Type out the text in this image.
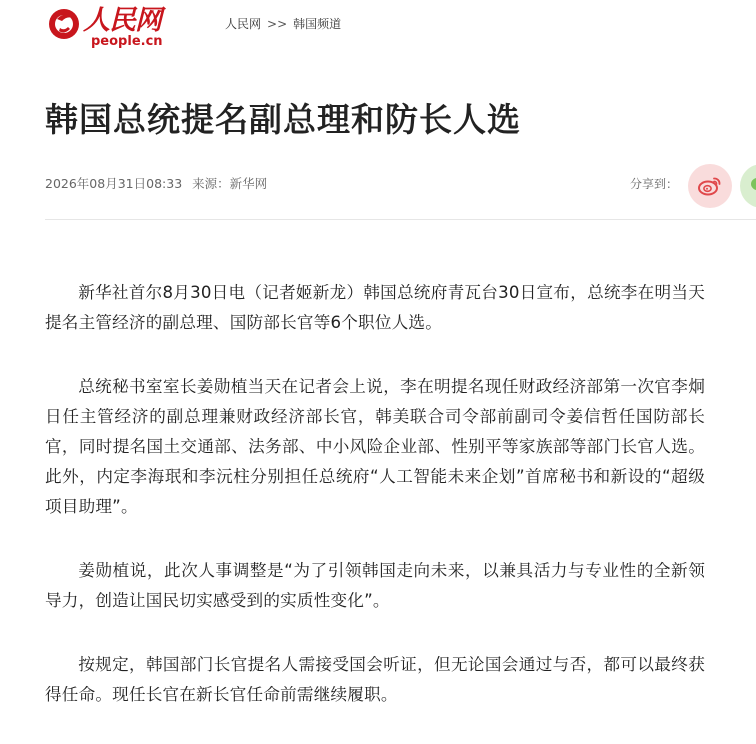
人民网
people.cn
人民网 >> 韩国频道
韩国总统提名副总理和防长人选
2026年08月31日08:33 来源：新华网	分享到：

新华社首尔8月30日电（记者姬新龙）韩国总统府青瓦台30日宣布，总统李在明当天提名主管经济的副总理、国防部长官等6个职位人选。

总统秘书室室长姜勋植当天在记者会上说，李在明提名现任财政经济部第一次官李炯日任主管经济的副总理兼财政经济部长官，韩美联合司令部前副司令姜信哲任国防部长官，同时提名国土交通部、法务部、中小风险企业部、性别平等家族部等部门长官人选。此外，内定李海珉和李沅柱分别担任总统府“人工智能未来企划”首席秘书和新设的“超级项目助理”。

姜勋植说，此次人事调整是“为了引领韩国走向未来，以兼具活力与专业性的全新领导力，创造让国民切实感受到的实质性变化”。

按规定，韩国部门长官提名人需接受国会听证，但无论国会通过与否，都可以最终获得任命。现任长官在新长官任命前需继续履职。
